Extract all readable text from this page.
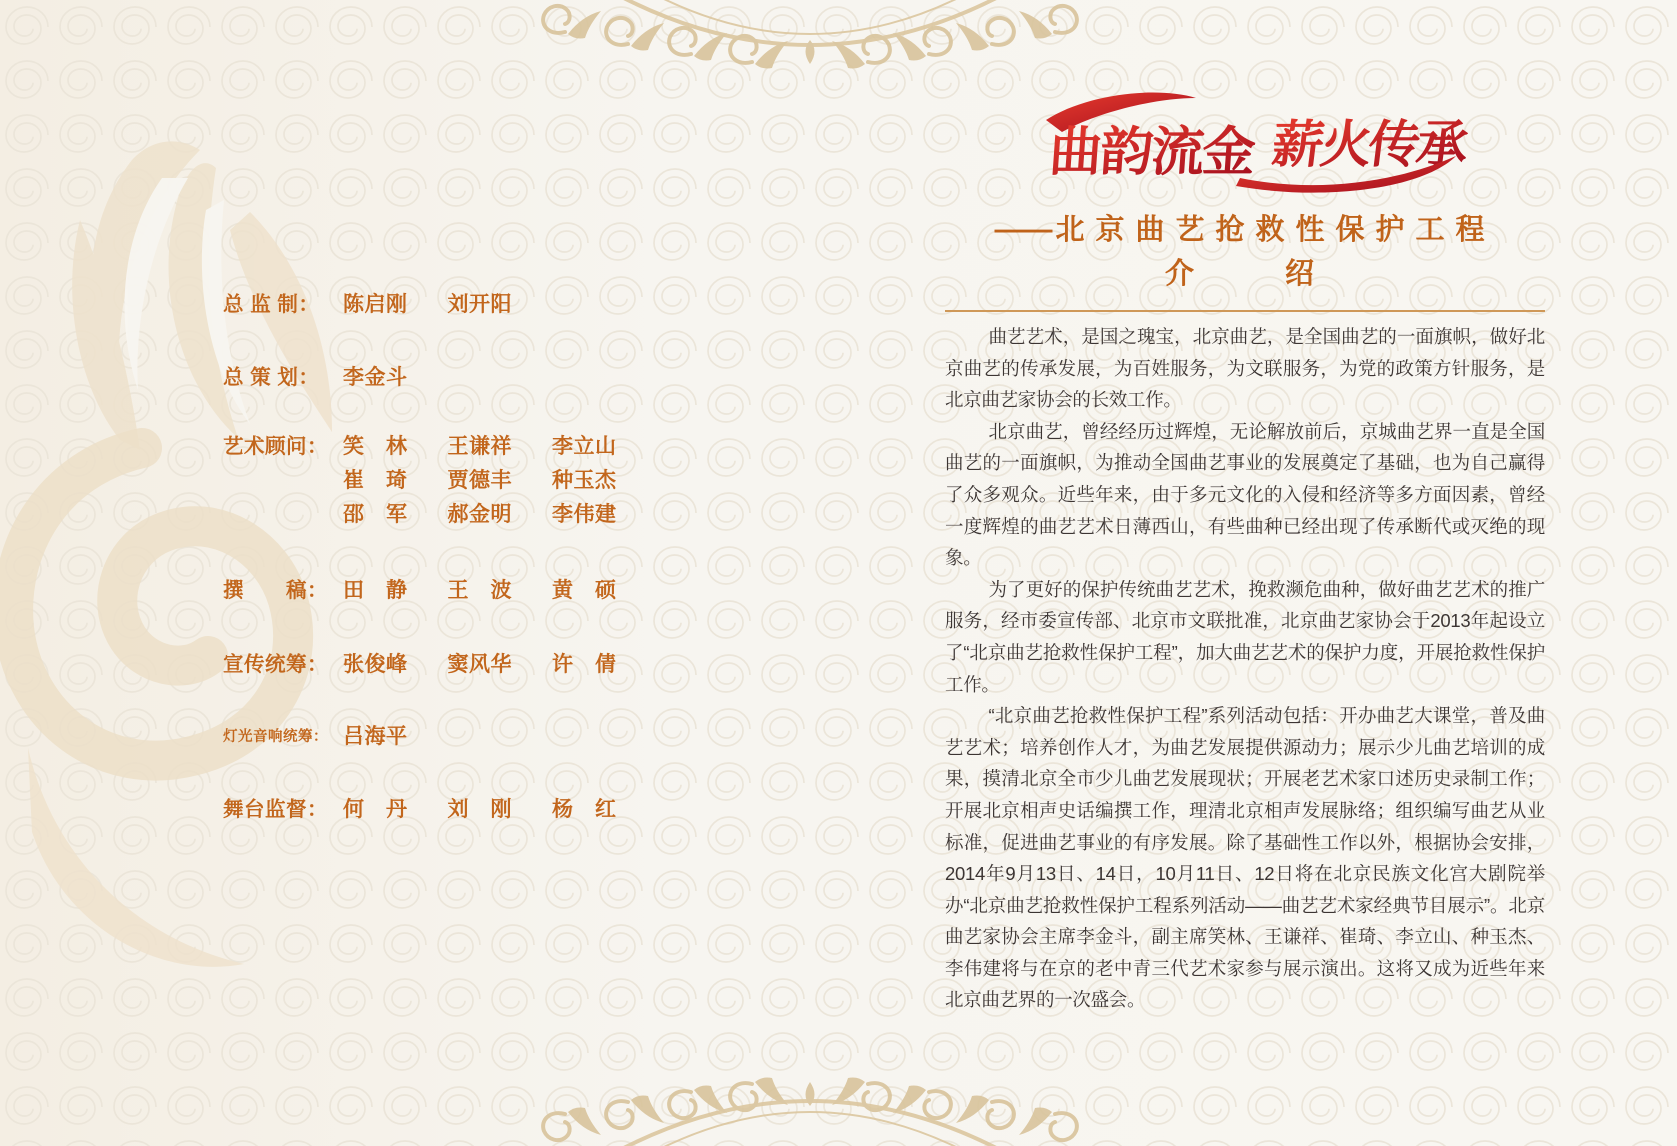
曲韵流金 薪火传承
—— 北京曲艺抢救性保护工程
介　　绍

曲艺艺术，是国之瑰宝，北京曲艺，是全国曲艺的一面旗帜，做好北京曲艺的传承发展，为百姓服务，为文联服务，为党的政策方针服务，是北京曲艺家协会的长效工作。

北京曲艺，曾经经历过辉煌，无论解放前后，京城曲艺界一直是全国曲艺的一面旗帜，为推动全国曲艺事业的发展奠定了基础，也为自己赢得了众多观众。近些年来，由于多元文化的入侵和经济等多方面因素，曾经一度辉煌的曲艺艺术日薄西山，有些曲种已经出现了传承断代或灭绝的现象。

为了更好的保护传统曲艺艺术，挽救濒危曲种，做好曲艺艺术的推广服务，经市委宣传部、北京市文联批准，北京曲艺家协会于2013年起设立了“北京曲艺抢救性保护工程”，加大曲艺艺术的保护力度，开展抢救性保护工作。

“北京曲艺抢救性保护工程”系列活动包括：开办曲艺大课堂，普及曲艺艺术；培养创作人才，为曲艺发展提供源动力；展示少儿曲艺培训的成果，摸清北京全市少儿曲艺发展现状；开展老艺术家口述历史录制工作；开展北京相声史话编撰工作，理清北京相声发展脉络；组织编写曲艺从业标准，促进曲艺事业的有序发展。除了基础性工作以外，根据协会安排，2014年9月13日、14日，10月11日、12日将在北京民族文化宫大剧院举办“北京曲艺抢救性保护工程系列活动——曲艺艺术家经典节目展示”。北京曲艺家协会主席李金斗，副主席笑林、王谦祥、崔琦、李立山、种玉杰、李伟建将与在京的老中青三代艺术家参与展示演出。这将又成为近些年来北京曲艺界的一次盛会。

总 监 制：	陈启刚 刘开阳
总 策 划：	李金斗
艺术顾问： 笑　林 王谦祥 李立山
崔　琦 贾德丰 种玉杰
邵　军 郝金明 李伟建
撰　　稿： 田　静 王　波 黄　硕
宣传统筹： 张俊峰 窦风华 许　倩
灯光音响统筹： 吕海平
舞台监督： 何　丹 刘　刚 杨　红
